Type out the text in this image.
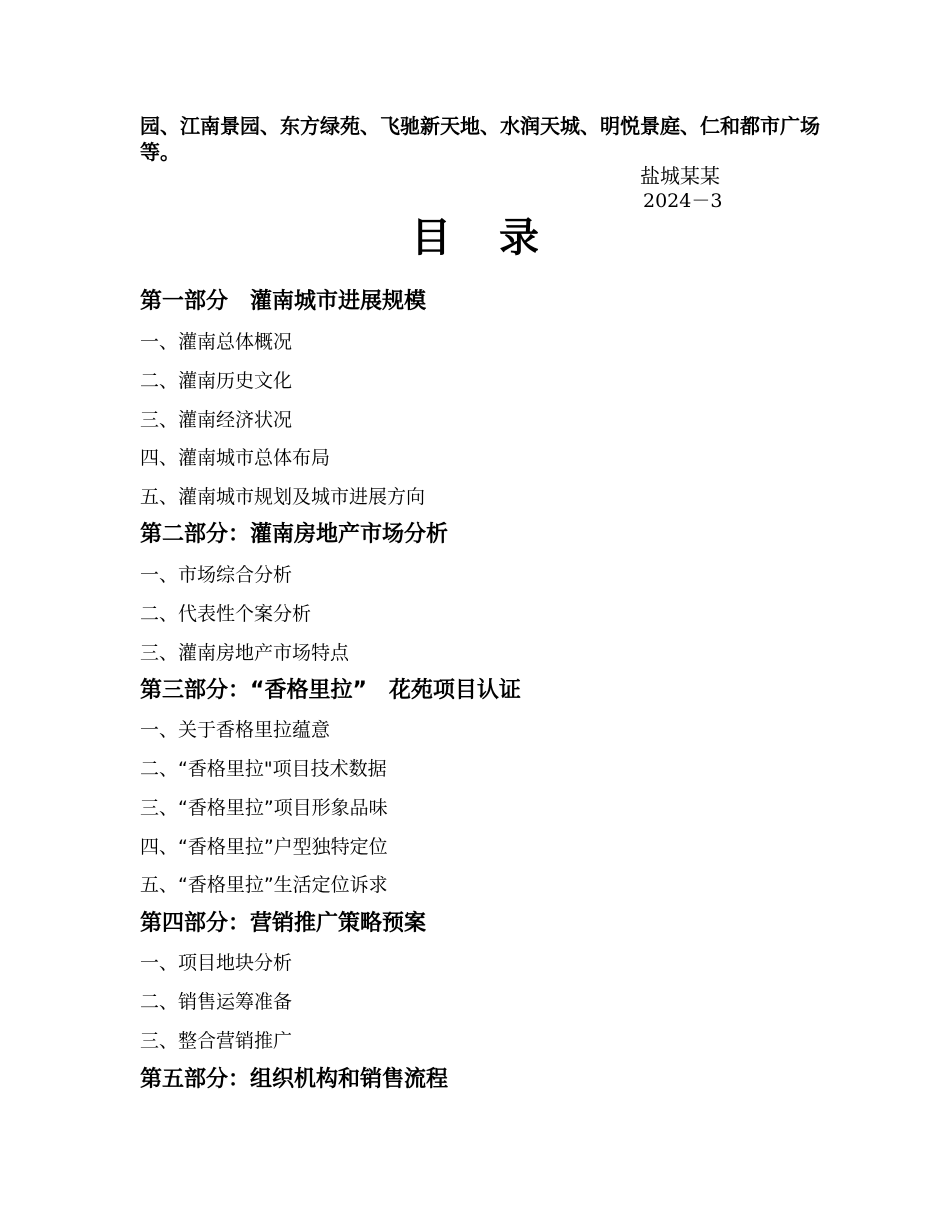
园、江南景园、东方绿苑、飞驰新天地、水润天城、明悦景庭、仁和都市广场等。
盐城某某
2024－3
目录
第一部分　灌南城市进展规模
一、灌南总体概况
二、灌南历史文化
三、灌南经济状况
四、灌南城市总体布局
五、灌南城市规划及城市进展方向
第二部分：灌南房地产市场分析
一、市场综合分析
二、代表性个案分析
三、灌南房地产市场特点
第三部分：“香格里拉”　花苑项目认证
一、关于香格里拉蕴意
二、“香格里拉"项目技术数据
三、“香格里拉”项目形象品味
四、“香格里拉”户型独特定位
五、“香格里拉”生活定位诉求
第四部分：营销推广策略预案
一、项目地块分析
二、销售运筹准备
三、整合营销推广
第五部分：组织机构和销售流程
